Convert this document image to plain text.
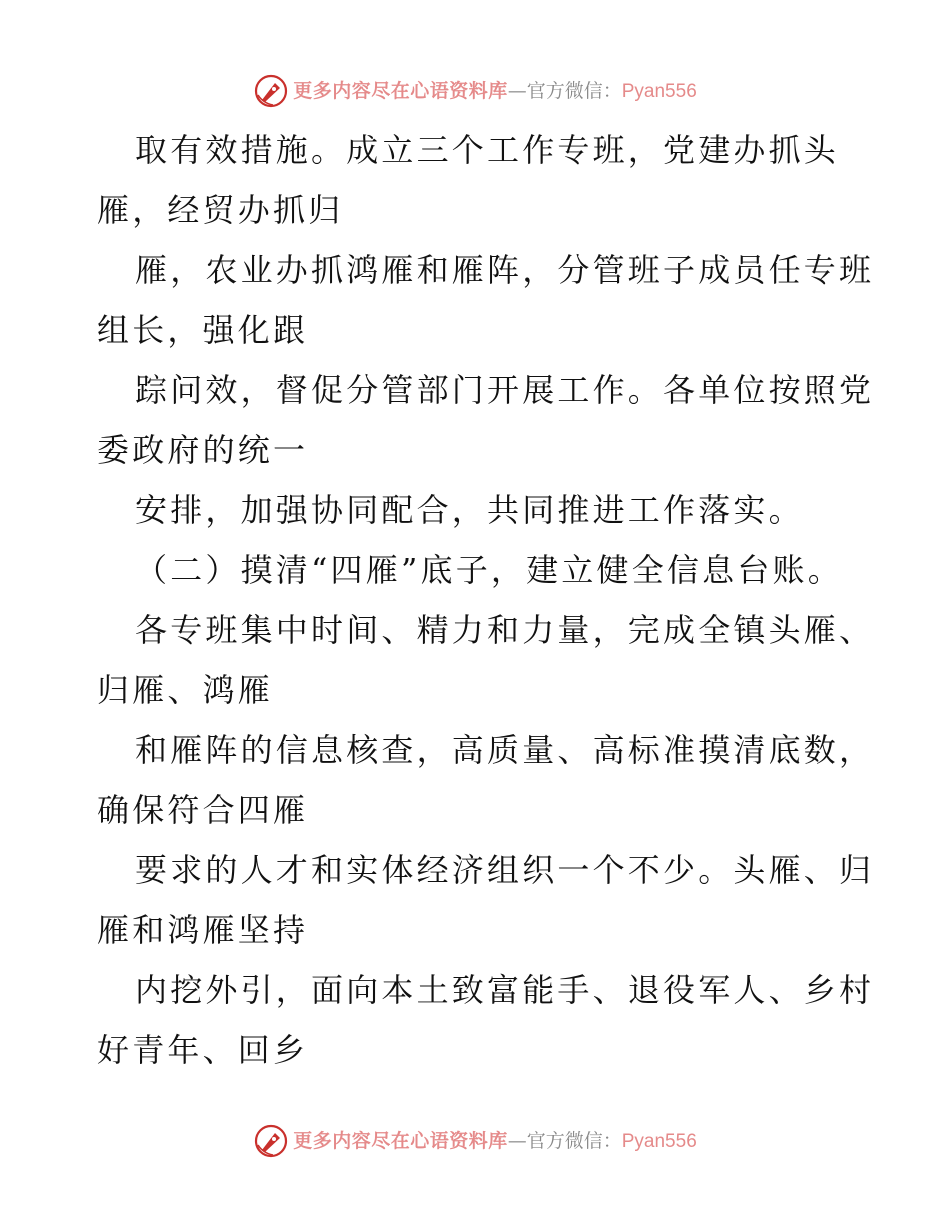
更多内容尽在心语资料库 — 官方微信： Pyan556
取有效措施。成立三个工作专班，党建办抓头
雁，经贸办抓归
雁，农业办抓鸿雁和雁阵，分管班子成员任专班
组长，强化跟
踪问效，督促分管部门开展工作。各单位按照党
委政府的统一
安排，加强协同配合，共同推进工作落实。
（二）摸清“四雁”底子，建立健全信息台账。
各专班集中时间、精力和力量，完成全镇头雁、
归雁、鸿雁
和雁阵的信息核查，高质量、高标准摸清底数，
确保符合四雁
要求的人才和实体经济组织一个不少。头雁、归
雁和鸿雁坚持
内挖外引，面向本土致富能手、退役军人、乡村
好青年、回乡
更多内容尽在心语资料库 — 官方微信： Pyan556
